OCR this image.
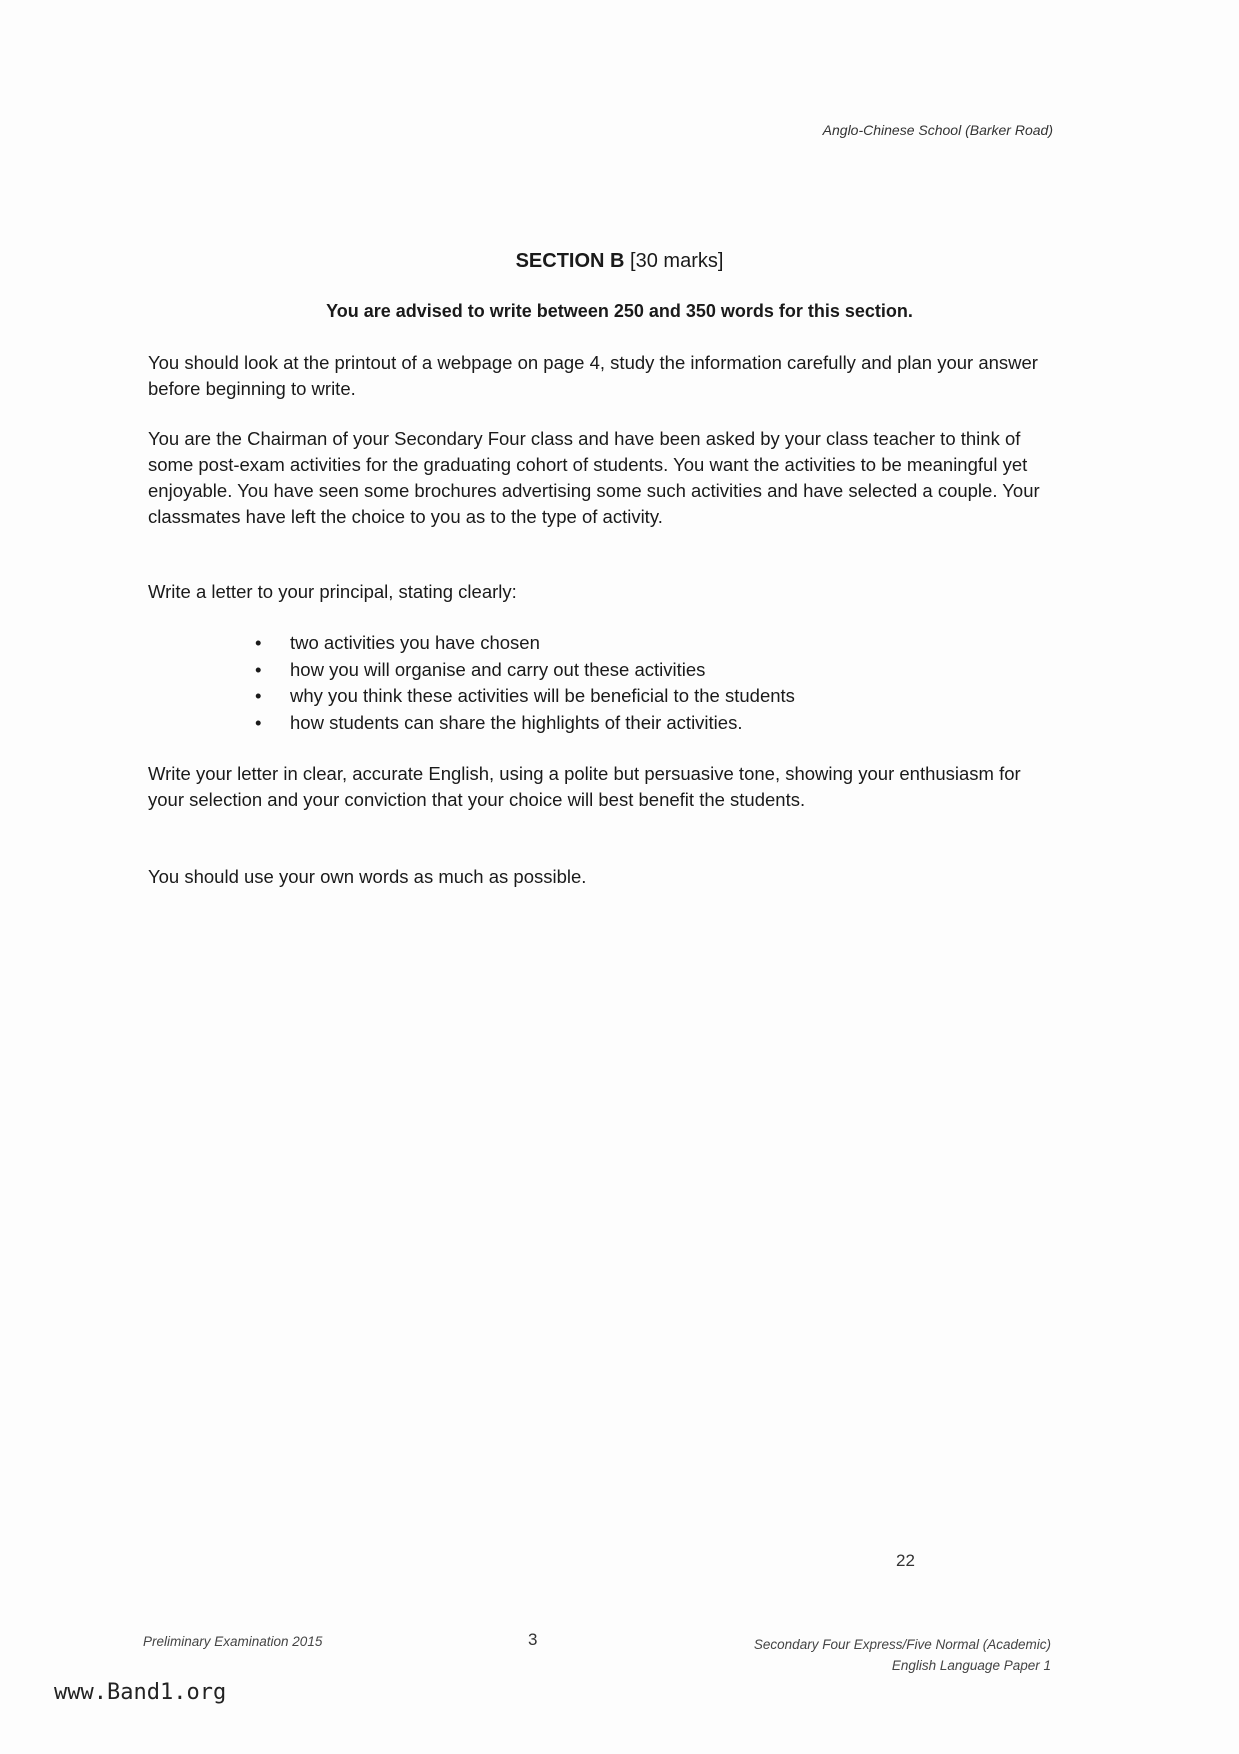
Anglo-Chinese School (Barker Road)
SECTION B [30 marks]
You are advised to write between 250 and 350 words for this section.
You should look at the printout of a webpage on page 4, study the information carefully and plan your answer before beginning to write.
You are the Chairman of your Secondary Four class and have been asked by your class teacher to think of some post-exam activities for the graduating cohort of students. You want the activities to be meaningful yet enjoyable. You have seen some brochures advertising some such activities and have selected a couple. Your classmates have left the choice to you as to the type of activity.
Write a letter to your principal, stating clearly:
• two activities you have chosen
• how you will organise and carry out these activities
• why you think these activities will be beneficial to the students
• how students can share the highlights of their activities.
Write your letter in clear, accurate English, using a polite but persuasive tone, showing your enthusiasm for your selection and your conviction that your choice will best benefit the students.
You should use your own words as much as possible.
22
Preliminary Examination 2015	3	Secondary Four Express/Five Normal (Academic)
English Language Paper 1
www.Band1.org
